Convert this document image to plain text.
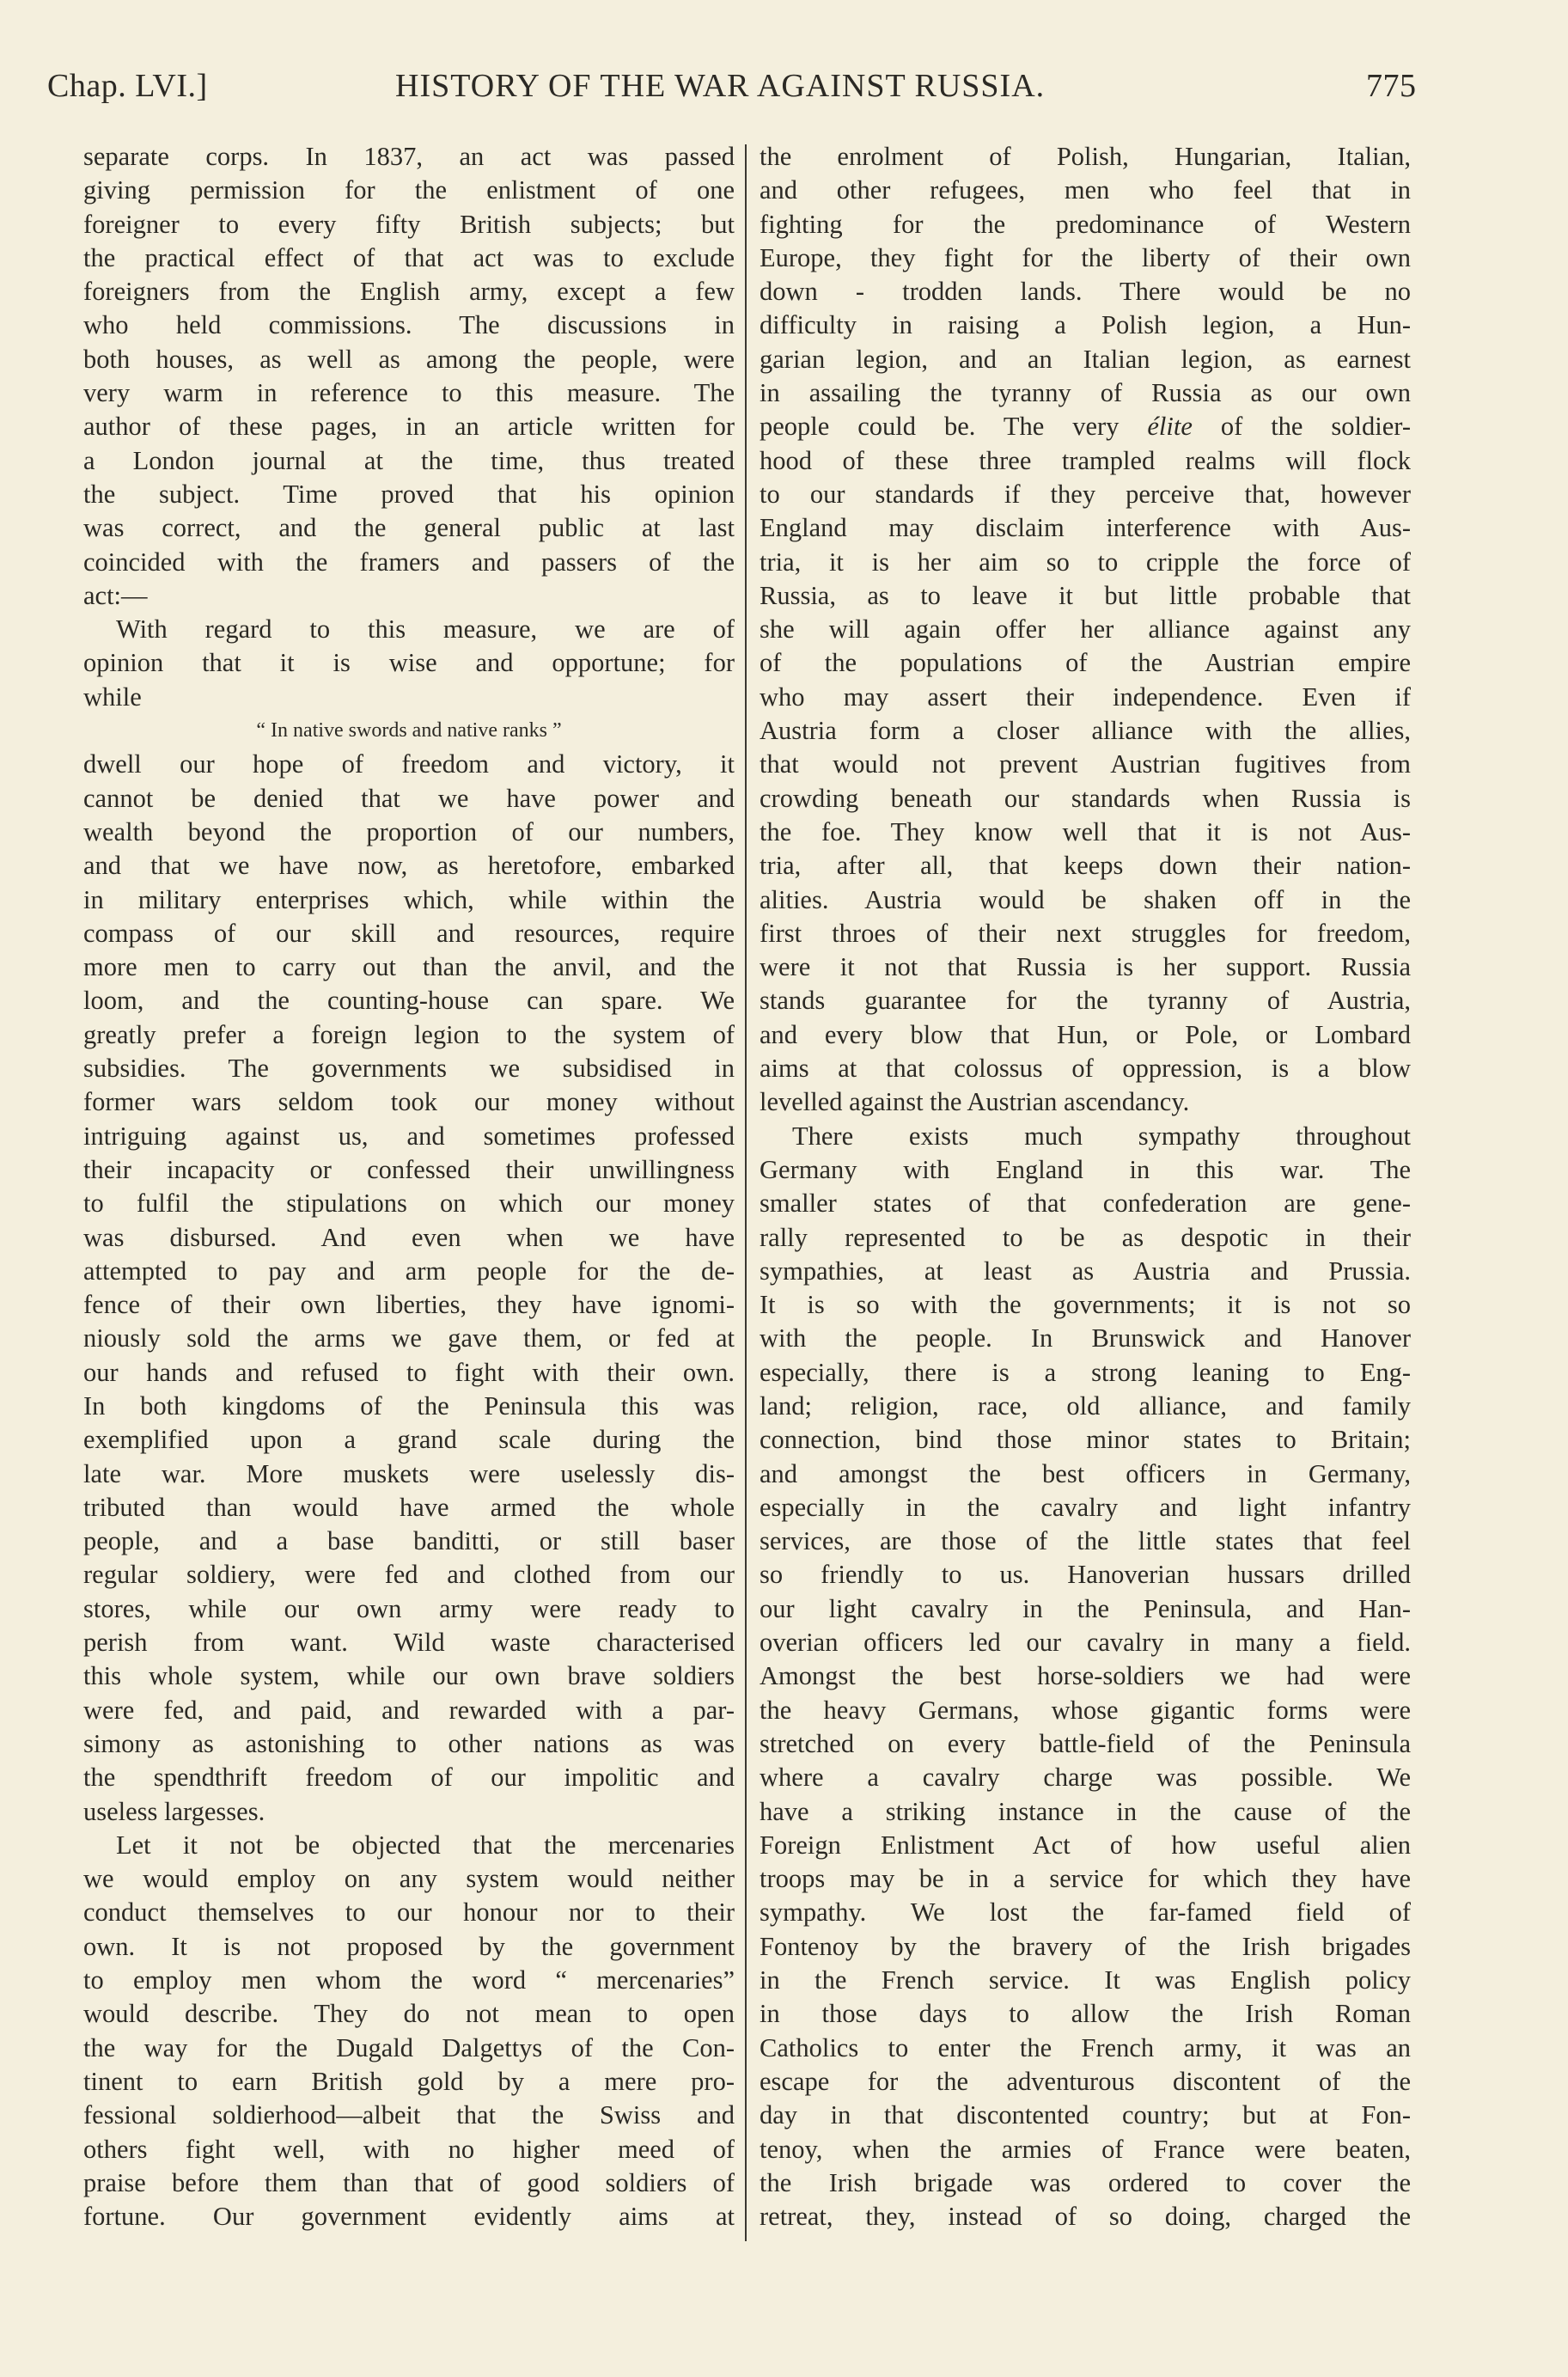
Chap. LVI.]	HISTORY OF THE WAR AGAINST RUSSIA.	775
separate corps. In 1837, an act was passed
giving permission for the enlistment of one
foreigner to every fifty British subjects; but
the practical effect of that act was to exclude
foreigners from the English army, except a few
who held commissions. The discussions in
both houses, as well as among the people, were
very warm in reference to this measure. The
author of these pages, in an article written for
a London journal at the time, thus treated
the subject. Time proved that his opinion
was correct, and the general public at last
coincided with the framers and passers of the
act:—
With regard to this measure, we are of
opinion that it is wise and opportune; for
while
“ In native swords and native ranks ”
dwell our hope of freedom and victory, it
cannot be denied that we have power and
wealth beyond the proportion of our numbers,
and that we have now, as heretofore, embarked
in military enterprises which, while within the
compass of our skill and resources, require
more men to carry out than the anvil, and the
loom, and the counting-house can spare. We
greatly prefer a foreign legion to the system of
subsidies. The governments we subsidised in
former wars seldom took our money without
intriguing against us, and sometimes professed
their incapacity or confessed their unwillingness
to fulfil the stipulations on which our money
was disbursed. And even when we have
attempted to pay and arm people for the de-
fence of their own liberties, they have ignomi-
niously sold the arms we gave them, or fed at
our hands and refused to fight with their own.
In both kingdoms of the Peninsula this was
exemplified upon a grand scale during the
late war. More muskets were uselessly dis-
tributed than would have armed the whole
people, and a base banditti, or still baser
regular soldiery, were fed and clothed from our
stores, while our own army were ready to
perish from want. Wild waste characterised
this whole system, while our own brave soldiers
were fed, and paid, and rewarded with a par-
simony as astonishing to other nations as was
the spendthrift freedom of our impolitic and
useless largesses.
Let it not be objected that the mercenaries
we would employ on any system would neither
conduct themselves to our honour nor to their
own. It is not proposed by the government
to employ men whom the word “ mercenaries”
would describe. They do not mean to open
the way for the Dugald Dalgettys of the Con-
tinent to earn British gold by a mere pro-
fessional soldierhood—albeit that the Swiss and
others fight well, with no higher meed of
praise before them than that of good soldiers of
fortune. Our government evidently aims at
the enrolment of Polish, Hungarian, Italian,
and other refugees, men who feel that in
fighting for the predominance of Western
Europe, they fight for the liberty of their own
down - trodden lands. There would be no
difficulty in raising a Polish legion, a Hun-
garian legion, and an Italian legion, as earnest
in assailing the tyranny of Russia as our own
people could be. The very élite of the soldier-
hood of these three trampled realms will flock
to our standards if they perceive that, however
England may disclaim interference with Aus-
tria, it is her aim so to cripple the force of
Russia, as to leave it but little probable that
she will again offer her alliance against any
of the populations of the Austrian empire
who may assert their independence. Even if
Austria form a closer alliance with the allies,
that would not prevent Austrian fugitives from
crowding beneath our standards when Russia is
the foe. They know well that it is not Aus-
tria, after all, that keeps down their nation-
alities. Austria would be shaken off in the
first throes of their next struggles for freedom,
were it not that Russia is her support. Russia
stands guarantee for the tyranny of Austria,
and every blow that Hun, or Pole, or Lombard
aims at that colossus of oppression, is a blow
levelled against the Austrian ascendancy.
There exists much sympathy throughout
Germany with England in this war. The
smaller states of that confederation are gene-
rally represented to be as despotic in their
sympathies, at least as Austria and Prussia.
It is so with the governments; it is not so
with the people. In Brunswick and Hanover
especially, there is a strong leaning to Eng-
land; religion, race, old alliance, and family
connection, bind those minor states to Britain;
and amongst the best officers in Germany,
especially in the cavalry and light infantry
services, are those of the little states that feel
so friendly to us. Hanoverian hussars drilled
our light cavalry in the Peninsula, and Han-
overian officers led our cavalry in many a field.
Amongst the best horse-soldiers we had were
the heavy Germans, whose gigantic forms were
stretched on every battle-field of the Peninsula
where a cavalry charge was possible. We
have a striking instance in the cause of the
Foreign Enlistment Act of how useful alien
troops may be in a service for which they have
sympathy. We lost the far-famed field of
Fontenoy by the bravery of the Irish brigades
in the French service. It was English policy
in those days to allow the Irish Roman
Catholics to enter the French army, it was an
escape for the adventurous discontent of the
day in that discontented country; but at Fon-
tenoy, when the armies of France were beaten,
the Irish brigade was ordered to cover the
retreat, they, instead of so doing, charged the
